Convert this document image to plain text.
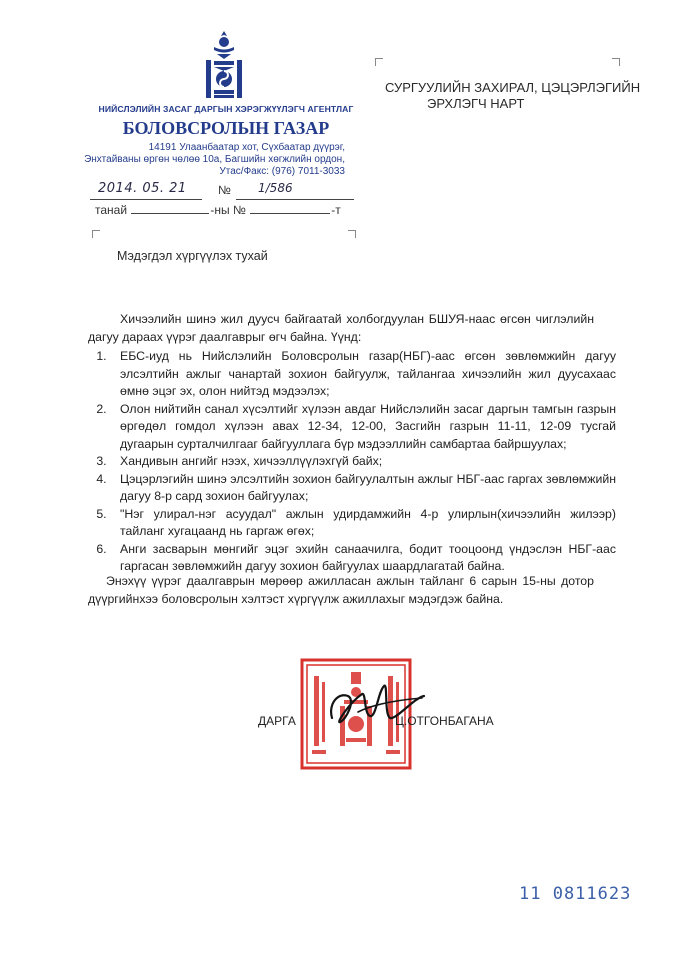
НИЙСЛЭЛИЙН ЗАСАГ ДАРГЫН ХЭРЭГЖҮҮЛЭГЧ АГЕНТЛАГ
БОЛОВСРОЛЫН ГАЗАР
14191 Улаанбаатар хот, Сүхбаатар дүүрэг,
Энхтайваны өргөн чөлөө 10а, Багшийн хөгжлийн ордон,
Утас/Факс: (976) 7011-3033
2014. 05. 21	№ 1/586
танай	-ны №	-т
СУРГУУЛИЙН ЗАХИРАЛ, ЦЭЦЭРЛЭГИЙН
ЭРХЛЭГЧ НАРТ
Мэдэгдэл хүргүүлэх тухай
Хичээлийн шинэ жил дуусч байгаатай холбогдуулан БШУЯ-наас өгсөн чиглэлийн дагуу дараах үүрэг даалгаврыг өгч байна. Үүнд:
1. ЕБС-иуд нь Нийслэлийн Боловсролын газар(НБГ)-аас өгсөн зөвлөмжийн дагуу элсэлтийн ажлыг чанартай зохион байгуулж, тайлангаа хичээлийн жил дуусахаас өмнө эцэг эх, олон нийтэд мэдээлэх;
2. Олон нийтийн санал хүсэлтийг хүлээн авдаг Нийслэлийн засаг даргын тамгын газрын өргөдөл гомдол хүлээн авах 12-34, 12-00, Засгийн газрын 11-11, 12-09 тусгай дугаарын сурталчилгааг байгууллага бүр мэдээллийн самбартаа байршуулах;
3. Хандивын ангийг нээх, хичээллүүлэхгүй байх;
4. Цэцэрлэгийн шинэ элсэлтийн зохион байгуулалтын ажлыг НБГ-аас гаргах зөвлөмжийн дагуу 8-р сард зохион байгуулах;
5. "Нэг улирал-нэг асуудал" ажлын удирдамжийн 4-р улирлын(хичээлийн жилээр) тайланг хугацаанд нь гаргаж өгөх;
6. Анги засварын мөнгийг эцэг эхийн санаачилга, бодит тооцоонд үндэслэн НБГ-аас гаргасан зөвлөмжийн дагуу зохион байгуулах шаардлагатай байна.
Энэхүү үүрэг даалгаврын мөрөөр ажилласан ажлын тайланг 6 сарын 15-ны дотор дүүргийнхээ боловсролын хэлтэст хүргүүлж ажиллахыг мэдэгдэж байна.
ДАРГА	Ц.ОТГОНБАГАНА
11 0811623
